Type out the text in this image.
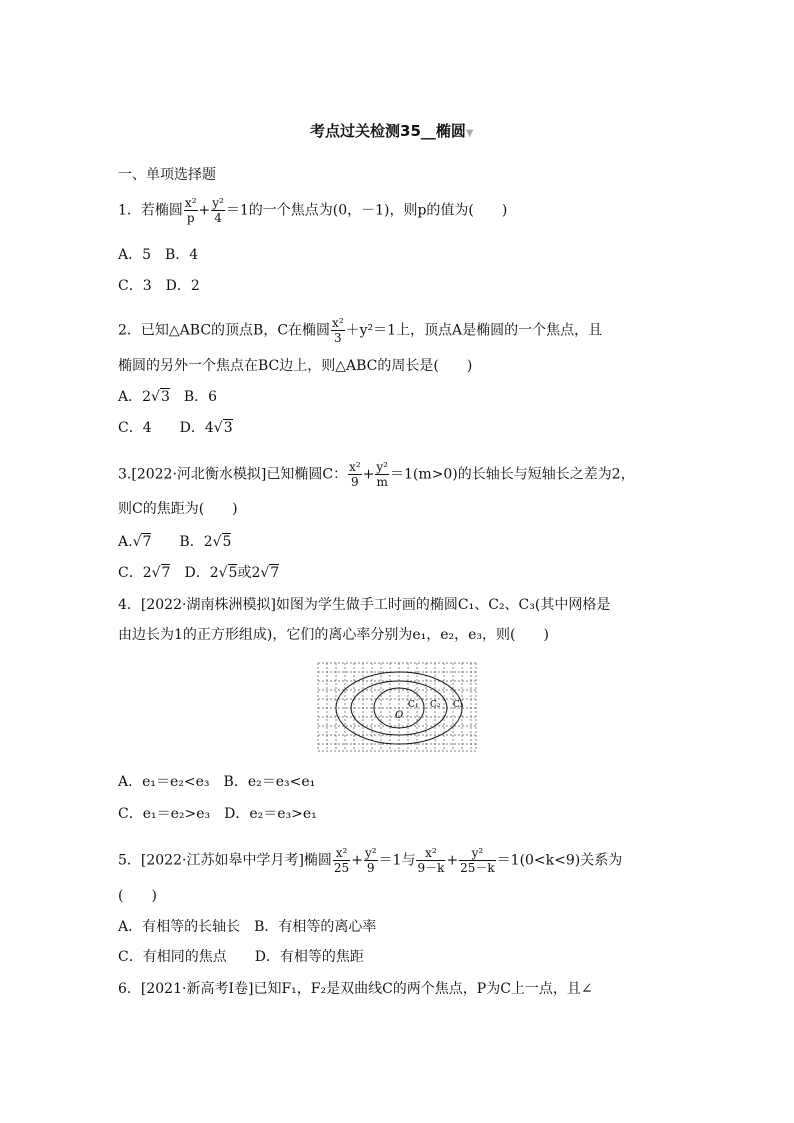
考点过关检测35__椭圆▼
一、单项选择题
1．若椭圆 $\frac{\text{x²}}{p} + \frac{\text{y²}}{4} =1$的一个焦点为(0，－1)，则p的值为(　　)
A．5　B．4
C．3　D．2
2．已知△ABC的顶点B，C在椭圆 $\frac{\text{x²}}{3} +y^2=1$上，顶点A是椭圆的一个焦点，且
椭圆的另外一个焦点在BC边上，则△ABC的周长是(　　)
A．2√3　B．6
C．4　　D．4√3
3.[2022·河北衡水模拟]已知椭圆C： $\frac{\text{x²}}{9} + \frac{\text{y²}}{m} =1(m>0)$的长轴长与短轴长之差为2，
则C的焦距为(　　)
A.√7　　B．2√5
C．2√7　D．2√5或2√7
4．[2022·湖南株洲模拟]如图为学生做手工时画的椭圆C₁、C₂、C₃(其中网格是
由边长为1的正方形组成)，它们的离心率分别为e₁，e₂，e₃，则(　　)
O
C₁ C₂ C₃
A．e₁＝e₂<e₃　B．e₂＝e₃<e₁
C．e₁＝e₂>e₃　D．e₂＝e₃>e₁
5．[2022·江苏如皋中学月考]椭圆 $\frac{\text{x²}}{25} + \frac{\text{y²}}{9} =1$与 $\frac{\text{x²}}{9-k} + \frac{\text{y²}}{25-k} =1(0<k<9)$关系为
(　　)
A．有相等的长轴长　B．有相等的离心率
C．有相同的焦点　　D．有相等的焦距
6．[2021·新高考Ⅰ卷]已知F₁，F₂是双曲线C的两个焦点，P为C上一点，且∠
